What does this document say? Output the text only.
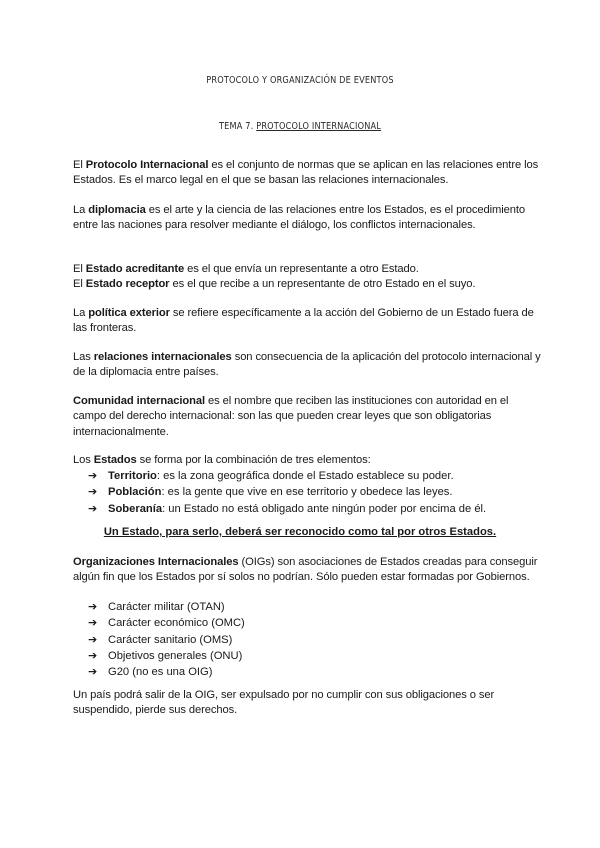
PROTOCOLO Y ORGANIZACIÓN DE EVENTOS
TEMA 7. PROTOCOLO INTERNACIONAL
El Protocolo Internacional es el conjunto de normas que se aplican en las relaciones entre los Estados. Es el marco legal en el que se basan las relaciones internacionales.
La diplomacia es el arte y la ciencia de las relaciones entre los Estados, es el procedimiento entre las naciones para resolver mediante el diálogo, los conflictos internacionales.
El Estado acreditante es el que envía un representante a otro Estado.
El Estado receptor es el que recibe a un representante de otro Estado en el suyo.
La política exterior se refiere específicamente a la acción del Gobierno de un Estado fuera de las fronteras.
Las relaciones internacionales son consecuencia de la aplicación del protocolo internacional y de la diplomacia entre países.
Comunidad internacional es el nombre que reciben las instituciones con autoridad en el campo del derecho internacional: son las que pueden crear leyes que son obligatorias internacionalmente.
Los Estados se forma por la combinación de tres elementos:
➔ Territorio: es la zona geográfica donde el Estado establece su poder.
➔ Población: es la gente que vive en ese territorio y obedece las leyes.
➔ Soberanía: un Estado no está obligado ante ningún poder por encima de él.
Un Estado, para serlo, deberá ser reconocido como tal por otros Estados.
Organizaciones Internacionales (OIGs) son asociaciones de Estados creadas para conseguir algún fin que los Estados por sí solos no podrían. Sólo pueden estar formadas por Gobiernos.
➔ Carácter militar (OTAN)
➔ Carácter económico (OMC)
➔ Carácter sanitario (OMS)
➔ Objetivos generales (ONU)
➔ G20 (no es una OIG)
Un país podrá salir de la OIG, ser expulsado por no cumplir con sus obligaciones o ser suspendido, pierde sus derechos.
